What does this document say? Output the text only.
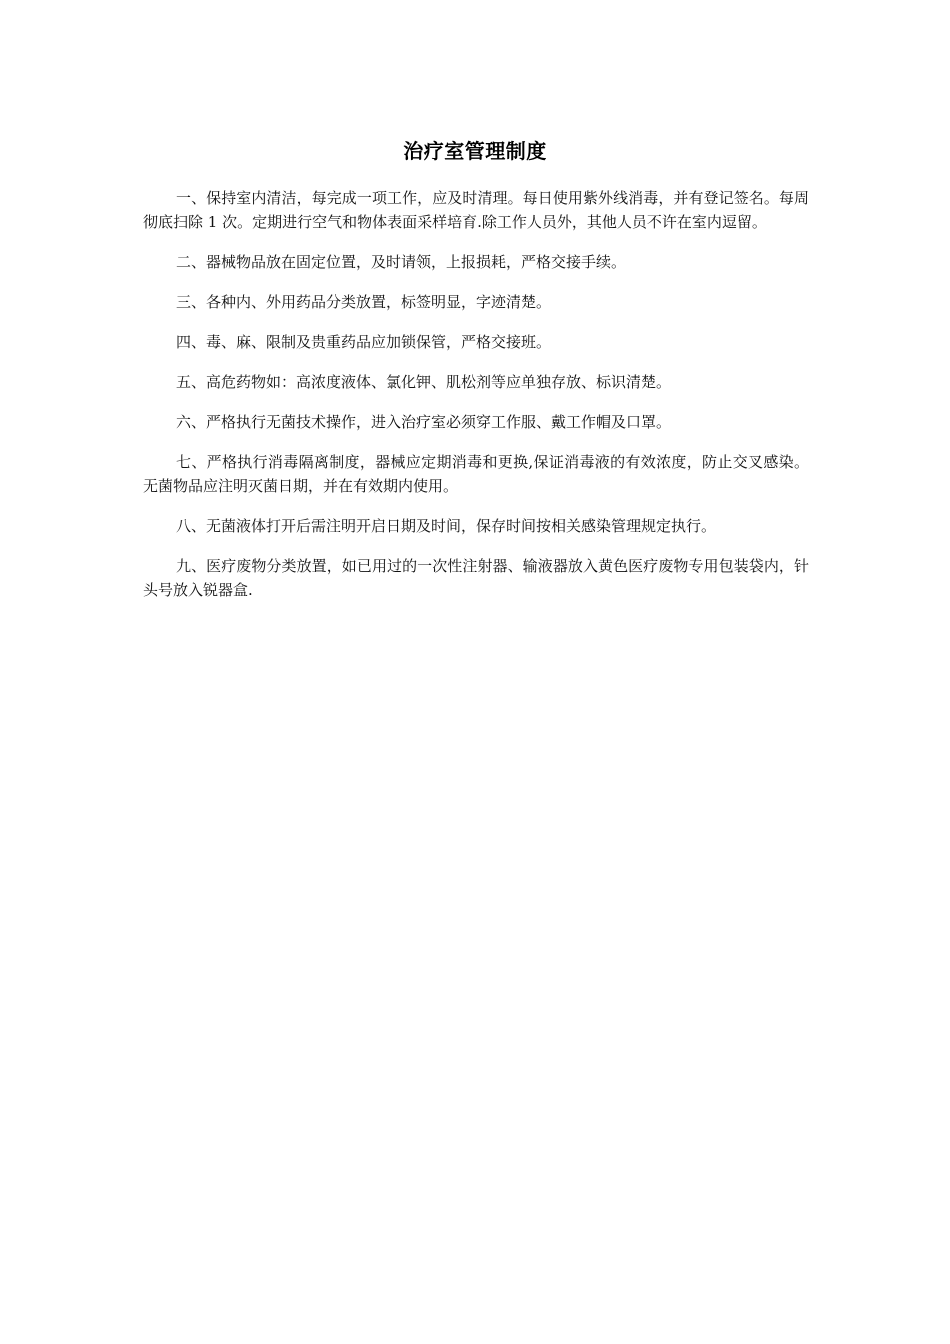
治疗室管理制度

一、保持室内清洁，每完成一项工作，应及时清理。每日使用紫外线消毒，并有登记签名。每周彻底扫除 1 次。定期进行空气和物体表面采样培育.除工作人员外，其他人员不许在室内逗留。

二、器械物品放在固定位置，及时请领，上报损耗，严格交接手续。

三、各种内、外用药品分类放置，标签明显，字迹清楚。

四、毒、麻、限制及贵重药品应加锁保管，严格交接班。

五、高危药物如：高浓度液体、氯化钾、肌松剂等应单独存放、标识清楚。

六、严格执行无菌技术操作，进入治疗室必须穿工作服、戴工作帽及口罩。

七、严格执行消毒隔离制度，器械应定期消毒和更换,保证消毒液的有效浓度，防止交叉感染。无菌物品应注明灭菌日期，并在有效期内使用。

八、无菌液体打开后需注明开启日期及时间，保存时间按相关感染管理规定执行。

九、医疗废物分类放置，如已用过的一次性注射器、输液器放入黄色医疗废物专用包装袋内，针头号放入锐器盒.
